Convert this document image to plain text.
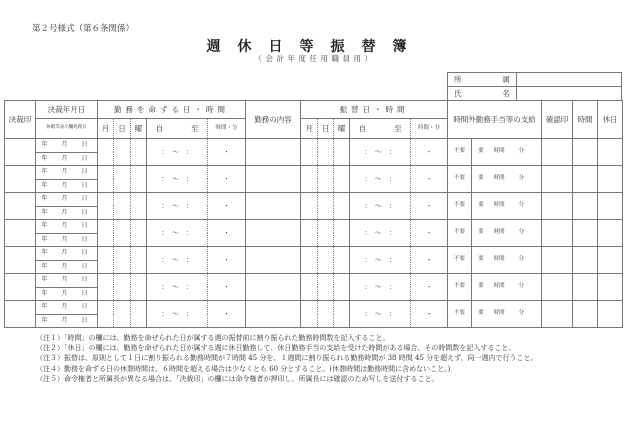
第２号様式（第６条関係）
週休日等振替簿
（会計年度任用職員用）
所　属	
氏　名	
決裁印	決裁年月日	勤務を命ずる日・時間					勤務の内容	振替日・時間					時間外勤務手当等の支給		確認印	時間	休日
	休暇等表示欄処理日	月	日	曜	自 至	時間・分		月	日	曜	自 至	時間・分					
	年　月　日				：　〜　：	・					：　〜　：	・	不要	要 時間 分			
	年　月　日																
	年　月　日				：　〜　：	・					：　〜　：	・	不要	要 時間 分			
	年　月　日																
	年　月　日				：　〜　：	・					：　〜　：	・	不要	要 時間 分			
	年　月　日																
	年　月　日				：　〜　：	・					：　〜　：	・	不要	要 時間 分			
	年　月　日																
	年　月　日				：　〜　：	・					：　〜　：	・	不要	要 時間 分			
	年　月　日																
	年　月　日				：　〜　：	・					：　〜　：	・	不要	要 時間 分			
	年　月　日																
	年　月　日				：　〜　：	・					：　〜　：	・	不要	要 時間 分			
	年　月　日																
（注１）「時間」の欄には、勤務を命ぜられた日が属する週の振替前に割り振られた勤務時間数を記入すること。
（注２）「休日」の欄には、勤務を命ぜられた日が属する週に休日勤務して、休日勤務手当の支給を受けた時間がある場合、その時間数を記入すること。
（注３）振替は、原則として１日に割り振られる勤務時間が７時間 45 分を、１週間に割り振られる勤務時間が 38 時間 45 分を超えず、同一週内で行うこと。
（注４）勤務を命ずる日の休憩時間は、６時間を超える場合は少なくとも 60 分とすること。(休憩時間は勤務時間に含めないこと。)
（注５）命令権者と所属長が異なる場合は、「決裁印」の欄には命令権者が押印し、所属長には確認のため写しを送付すること。
